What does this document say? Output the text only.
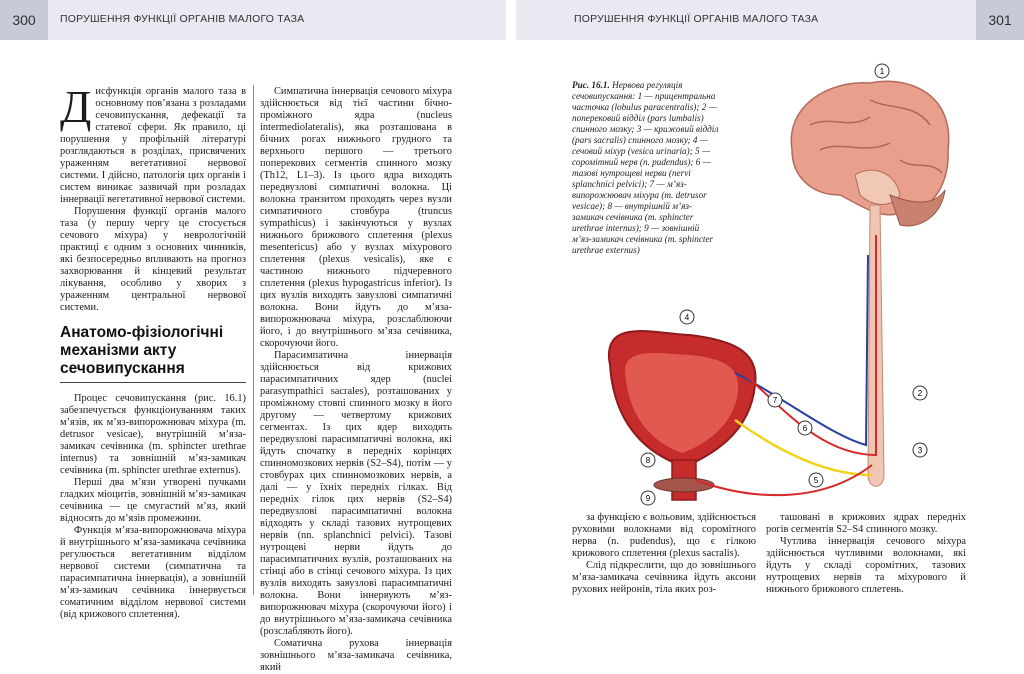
300	ПОРУШЕННЯ ФУНКЦІЇ ОРГАНІВ МАЛОГО ТАЗА	ПОРУШЕННЯ ФУНКЦІЇ ОРГАНІВ МАЛОГО ТАЗА	301

Дисфункція органів малого таза в основному пов’язана з розладами сечовипускання, дефекації та статевої сфери. Як правило, ці порушення у профільній літературі розглядаються в розділах, присвячених ураженням вегетативної нервової системи. І дійсно, патологія цих органів і систем виникає зазвичай при розладах іннервації вегетативної нервової системи.

Порушення функції органів малого таза (у першу чергу це стосується сечового міхура) у неврологічній практиці є одним з основних чинників, які безпосередньо впливають на прогноз захворювання й кінцевий результат лікування, особливо у хворих з ураженням центральної нервової системи.

Анатомо-фізіологічні механізми акту сечовипускання

Процес сечовипускання (рис. 16.1) забезпечується функціонуванням таких м’язів, як м’яз-випорожнювач міхура (m. detrusor vesicae), внутрішній м’яза-замикач сечівника (m. sphincter urethrae internus) та зовнішній м’яз-замикач сечівника (m. sphincter urethrae externus).

Перші два м’язи утворені пучками гладких міоцитів, зовнішній м’яз-замикач сечівника — це смугастий м’яз, який відносять до м’язів промежини.

Функція м’яза-випорожнювача міхура й внутрішнього м’яза-замикача сечівника регулюється вегетативним відділом нервової системи (симпатична та парасимпатична іннервація), а зовнішній м’яз-замикач сечівника іннервується соматичним відділом нервової системи (від крижового сплетення).

Симпатична іннервація сечового міхура здійснюється від тієї частини бічно-проміжного ядра (nucleus intermediolateralis), яка розташована в бічних рогах нижнього грудного та верхнього першого — третього поперекових сегментів спинного мозку (Th12, L1–3). Із цього ядра виходять передвузлові симпатичні волокна. Ці волокна транзитом проходять через вузли симпатичного стовбура (truncus sympathicus) і закінчуються у вузлах нижнього брижового сплетення (plexus mesentericus) або у вузлах міхурового сплетення (plexus vesicalis), яке є частиною нижнього підчеревного сплетення (plexus hypogastricus inferior). Із цих вузлів виходять завузлові симпатичні волокна. Вони йдуть до м’язa-випорожнювача міхура, розслаблюючи його, і до внутрішнього м’яза сечівника, скорочуючи його.

Парасимпатична іннервація здійснюється від крижових парасимпатичних ядер (nuclei parasympathici sacrales), розташованих у проміжному стовпі спинного мозку в його другому — четвертому крижових сегментах. Із цих ядер виходять передвузлові парасимпатичні волокна, які йдуть спочатку в передніх корінцях спинномозкових нервів (S2–S4), потім — у стовбурах цих спинномозкових нервів, а далі — у їхніх передніх гілках. Від передніх гілок цих нервів (S2–S4) передвузлові парасимпатичні волокна відходять у складі тазових нутрощевих нервів (nn. splanchnici pelvici). Тазові нутрощеві нерви йдуть до парасимпатичних вузлів, розташованих на стінці або в стінці сечового міхура. Із цих вузлів виходять завузлові парасимпатичні волокна. Вони іннервують м’яз-випорожнювач міхура (скорочуючи його) і до внутрішнього м’язa-замикача сечівника (розслабляють його).

Соматична рухова іннервація зовнішнього м’яза-замикача сечівника, який

Рис. 16.1. Нервова регуляція сечовипускання: 1 — прицентральна часточка (lobulus paracentralis); 2 — поперековий відділ (pars lumbalis) спинного мозку; 3 — крижовий відділ (pars sacralis) спинного мозку; 4 — сечовий міхур (vesica urinaria); 5 — соромітний нерв (n. pudendus); 6 — тазові нутрощеві нерви (nervi splanchnici pelvici); 7 — м’яз-випорожнювач міхура (m. detrusor vesicae); 8 — внутрішній м’яз-замикач сечівника (m. sphincter urethrae internus); 9 — зовнішній м’яз-замикач сечівника (m. sphincter urethrae externus)
1
2
3
4
5
6
7
8
9

за функцією є вольовим, здійснюється руховими волокнами від соромітного нерва (n. pudendus), що є гілкою крижового сплетення (plexus sacralis).

Слід підкреслити, що до зовнішнього м’язa-замикача сечівника йдуть аксони рухових нейронів, тіла яких роз-

ташовані в крижових ядрах передніх рогів сегментів S2–S4 спинного мозку.

Чутлива іннервація сечового міхура здійснюється чутливими волокнами, які йдуть у складі соромітних, тазових нутрощевих нервів та міхурового й нижнього брижового сплетень.
